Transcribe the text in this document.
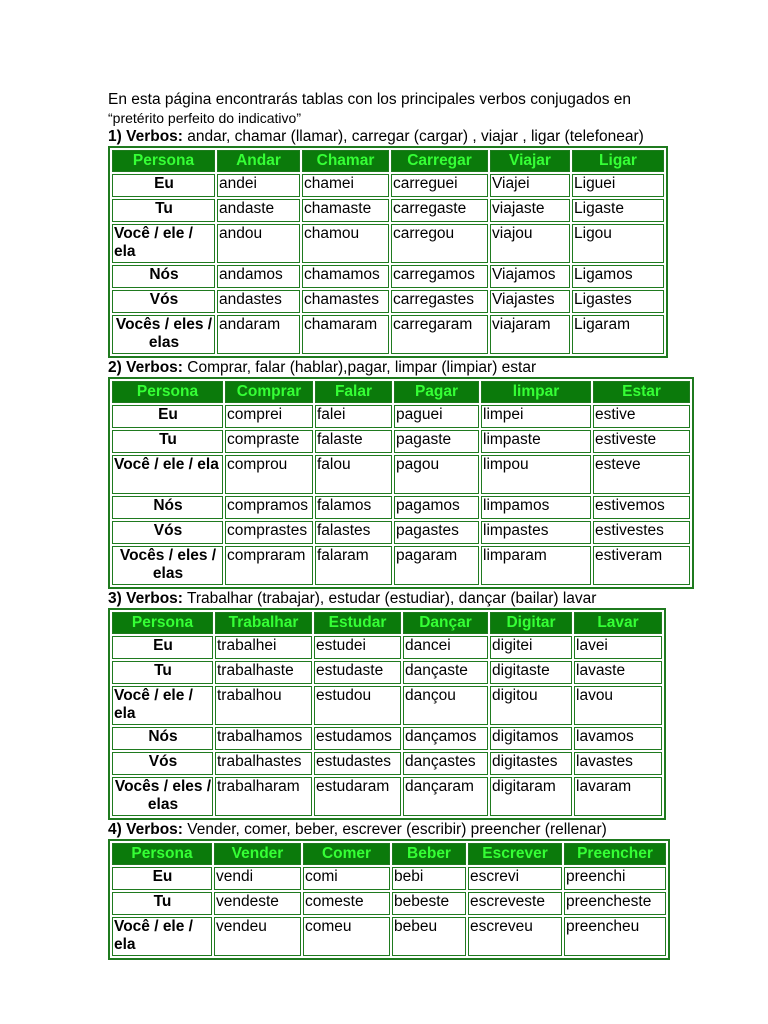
En esta página encontrarás tablas con los principales verbos conjugados en
“pretérito perfeito do indicativo”

1) Verbos: andar, chamar (llamar), carregar (cargar) , viajar , ligar (telefonear)

Persona	Andar	Chamar	Carregar	Viajar	Ligar
Eu	andei	chamei	carreguei	Viajei	Liguei
Tu	andaste	chamaste	carregaste	viajaste	Ligaste
Você / ele / ela	andou	chamou	carregou	viajou	Ligou
Nós	andamos	chamamos	carregamos	Viajamos	Ligamos
Vós	andastes	chamastes	carregastes	Viajastes	Ligastes
Vocês / eles / elas	andaram	chamaram	carregaram	viajaram	Ligaram

2) Verbos: Comprar, falar (hablar),pagar, limpar (limpiar) estar

Persona	Comprar	Falar	Pagar	limpar	Estar
Eu	comprei	falei	paguei	limpei	estive
Tu	compraste	falaste	pagaste	limpaste	estiveste
Você / ele / ela	comprou	falou	pagou	limpou	esteve
Nós	compramos	falamos	pagamos	limpamos	estivemos
Vós	comprastes	falastes	pagastes	limpastes	estivestes
Vocês / eles / elas	compraram	falaram	pagaram	limparam	estiveram

3) Verbos: Trabalhar (trabajar), estudar (estudiar), dançar (bailar) lavar

Persona	Trabalhar	Estudar	Dançar	Digitar	Lavar
Eu	trabalhei	estudei	dancei	digitei	lavei
Tu	trabalhaste	estudaste	dançaste	digitaste	lavaste
Você / ele / ela	trabalhou	estudou	dançou	digitou	lavou
Nós	trabalhamos	estudamos	dançamos	digitamos	lavamos
Vós	trabalhastes	estudastes	dançastes	digitastes	lavastes
Vocês / eles / elas	trabalharam	estudaram	dançaram	digitaram	lavaram

4) Verbos: Vender, comer, beber, escrever (escribir) preencher (rellenar)

Persona	Vender	Comer	Beber	Escrever	Preencher
Eu	vendi	comi	bebi	escrevi	preenchi
Tu	vendeste	comeste	bebeste	escreveste	preencheste
Você / ele / ela	vendeu	comeu	bebeu	escreveu	preencheu
